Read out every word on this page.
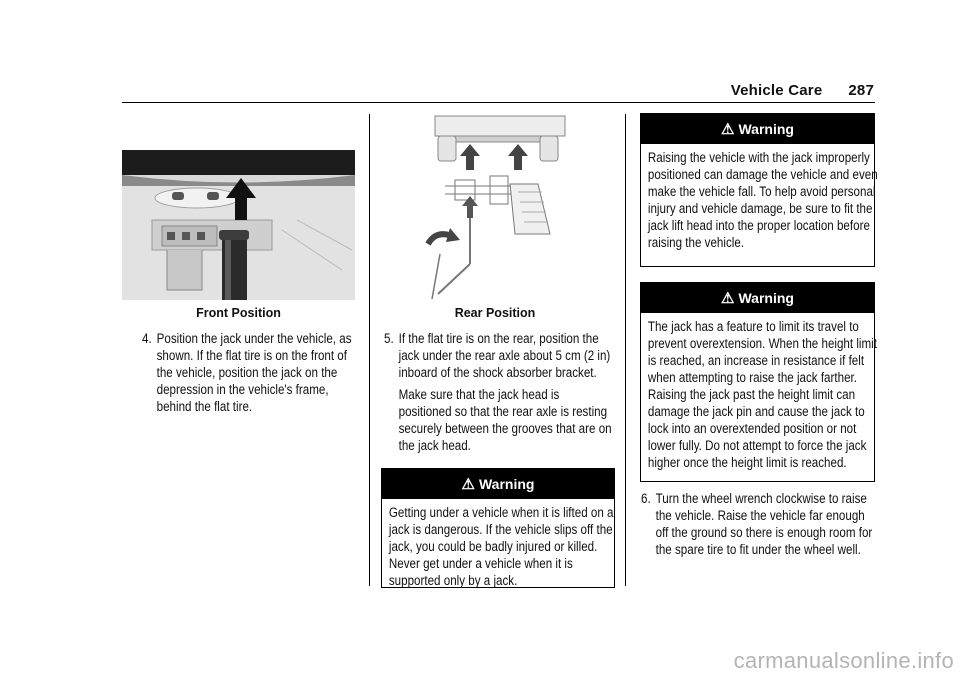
Vehicle Care 287
Front Position
4. Position the jack under the vehicle, as shown. If the flat tire is on the front of the vehicle, position the jack on the depression in the vehicle's frame, behind the flat tire.
Rear Position
5. If the flat tire is on the rear, position the jack under the rear axle about 5 cm (2 in) inboard of the shock absorber bracket.
Make sure that the jack head is positioned so that the rear axle is resting securely between the grooves that are on the jack head.
⚠ Warning
Getting under a vehicle when it is lifted on a jack is dangerous. If the vehicle slips off the jack, you could be badly injured or killed. Never get under a vehicle when it is supported only by a jack.
⚠ Warning
Raising the vehicle with the jack improperly positioned can damage the vehicle and even make the vehicle fall. To help avoid personal injury and vehicle damage, be sure to fit the jack lift head into the proper location before raising the vehicle.
⚠ Warning
The jack has a feature to limit its travel to prevent overextension. When the height limit is reached, an increase in resistance if felt when attempting to raise the jack farther. Raising the jack past the height limit can damage the jack pin and cause the jack to lock into an overextended position or not lower fully. Do not attempt to force the jack higher once the height limit is reached.
6. Turn the wheel wrench clockwise to raise the vehicle. Raise the vehicle far enough off the ground so there is enough room for the spare tire to fit under the wheel well.
carmanualsonline.info
